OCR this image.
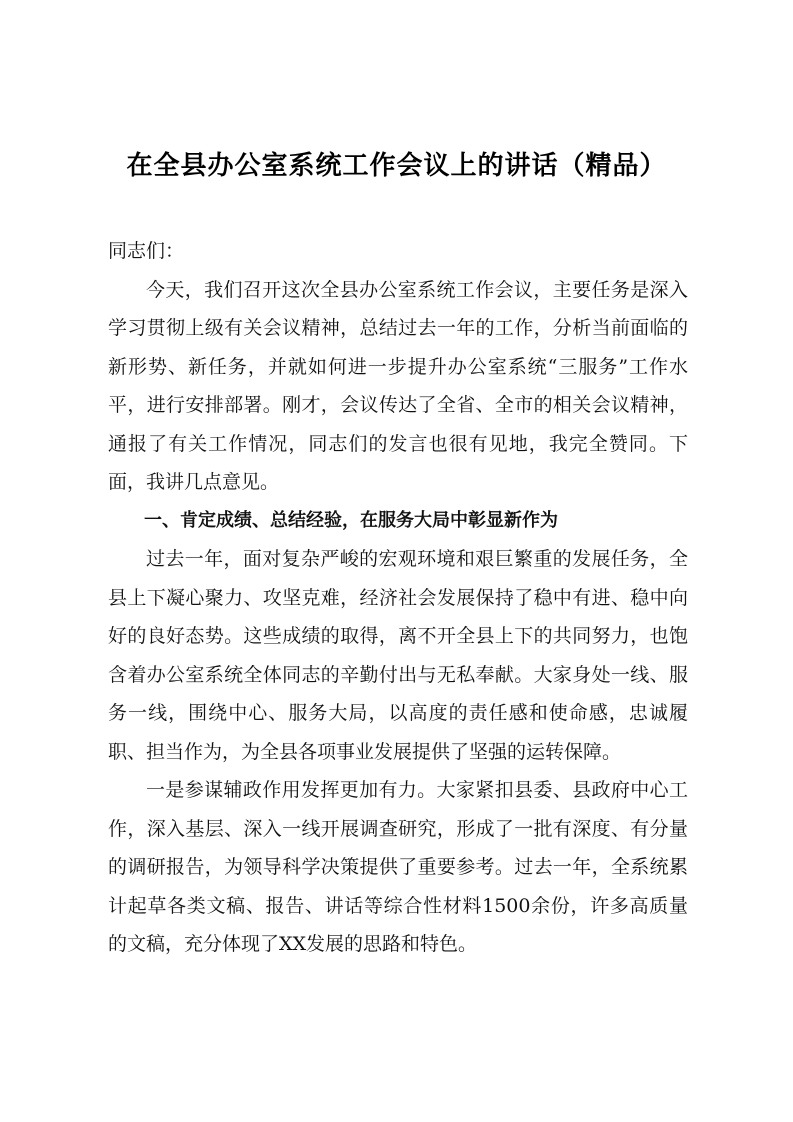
在全县办公室系统工作会议上的讲话（精品）

同志们：

今天，我们召开这次全县办公室系统工作会议，主要任务是深入学习贯彻上级有关会议精神，总结过去一年的工作，分析当前面临的新形势、新任务，并就如何进一步提升办公室系统“三服务”工作水平，进行安排部署。刚才，会议传达了全省、全市的相关会议精神，通报了有关工作情况，同志们的发言也很有见地，我完全赞同。下面，我讲几点意见。

一、肯定成绩、总结经验，在服务大局中彰显新作为

过去一年，面对复杂严峻的宏观环境和艰巨繁重的发展任务，全县上下凝心聚力、攻坚克难，经济社会发展保持了稳中有进、稳中向好的良好态势。这些成绩的取得，离不开全县上下的共同努力，也饱含着办公室系统全体同志的辛勤付出与无私奉献。大家身处一线、服务一线，围绕中心、服务大局，以高度的责任感和使命感，忠诚履职、担当作为，为全县各项事业发展提供了坚强的运转保障。

一是参谋辅政作用发挥更加有力。大家紧扣县委、县政府中心工作，深入基层、深入一线开展调查研究，形成了一批有深度、有分量的调研报告，为领导科学决策提供了重要参考。过去一年，全系统累计起草各类文稿、报告、讲话等综合性材料1500余份，许多高质量的文稿，充分体现了XX发展的思路和特色。
